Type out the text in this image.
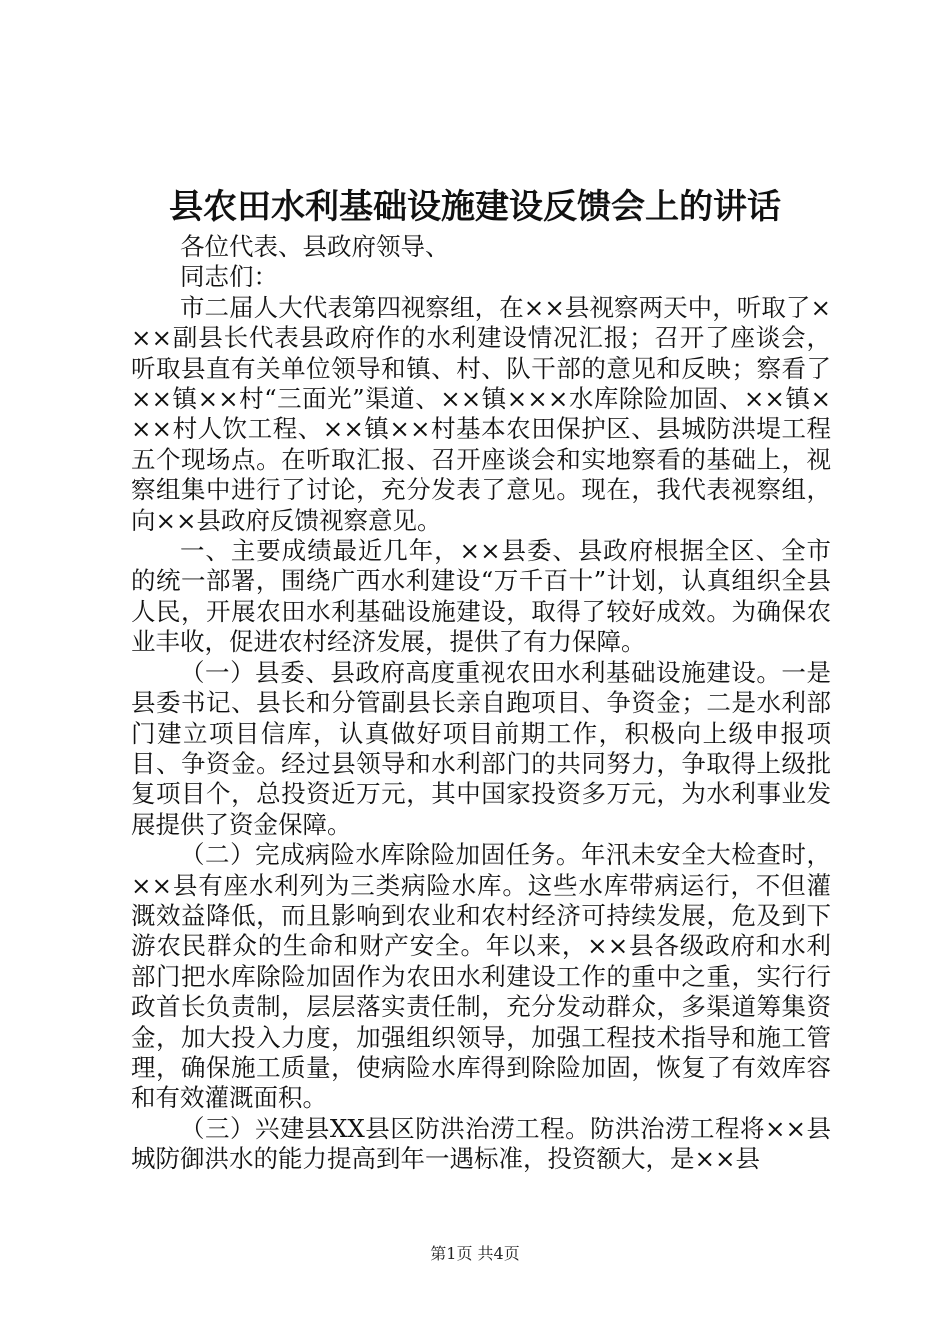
县农田水利基础设施建设反馈会上的讲话

各位代表、县政府领导、

同志们：

市二届人大代表第四视察组，在××县视察两天中，听取了×××副县长代表县政府作的水利建设情况汇报；召开了座谈会，听取县直有关单位领导和镇、村、队干部的意见和反映；察看了××镇××村“三面光”渠道、××镇×××水库除险加固、××镇×××村人饮工程、××镇××村基本农田保护区、县城防洪堤工程五个现场点。在听取汇报、召开座谈会和实地察看的基础上，视察组集中进行了讨论，充分发表了意见。现在，我代表视察组，向××县政府反馈视察意见。

一、主要成绩最近几年，××县委、县政府根据全区、全市的统一部署，围绕广西水利建设“万千百十”计划，认真组织全县人民，开展农田水利基础设施建设，取得了较好成效。为确保农业丰收，促进农村经济发展，提供了有力保障。

（一）县委、县政府高度重视农田水利基础设施建设。一是县委书记、县长和分管副县长亲自跑项目、争资金；二是水利部门建立项目信库，认真做好项目前期工作，积极向上级申报项目、争资金。经过县领导和水利部门的共同努力，争取得上级批复项目个，总投资近万元，其中国家投资多万元，为水利事业发展提供了资金保障。

（二）完成病险水库除险加固任务。年汛未安全大检查时，××县有座水利列为三类病险水库。这些水库带病运行，不但灌溉效益降低，而且影响到农业和农村经济可持续发展，危及到下游农民群众的生命和财产安全。年以来，××县各级政府和水利部门把水库除险加固作为农田水利建设工作的重中之重，实行行政首长负责制，层层落实责任制，充分发动群众，多渠道筹集资金，加大投入力度，加强组织领导，加强工程技术指导和施工管理，确保施工质量，使病险水库得到除险加固，恢复了有效库容和有效灌溉面积。

（三）兴建县XX县区防洪治涝工程。防洪治涝工程将××县城防御洪水的能力提高到年一遇标准，投资额大，是××县

第1页 共4页
